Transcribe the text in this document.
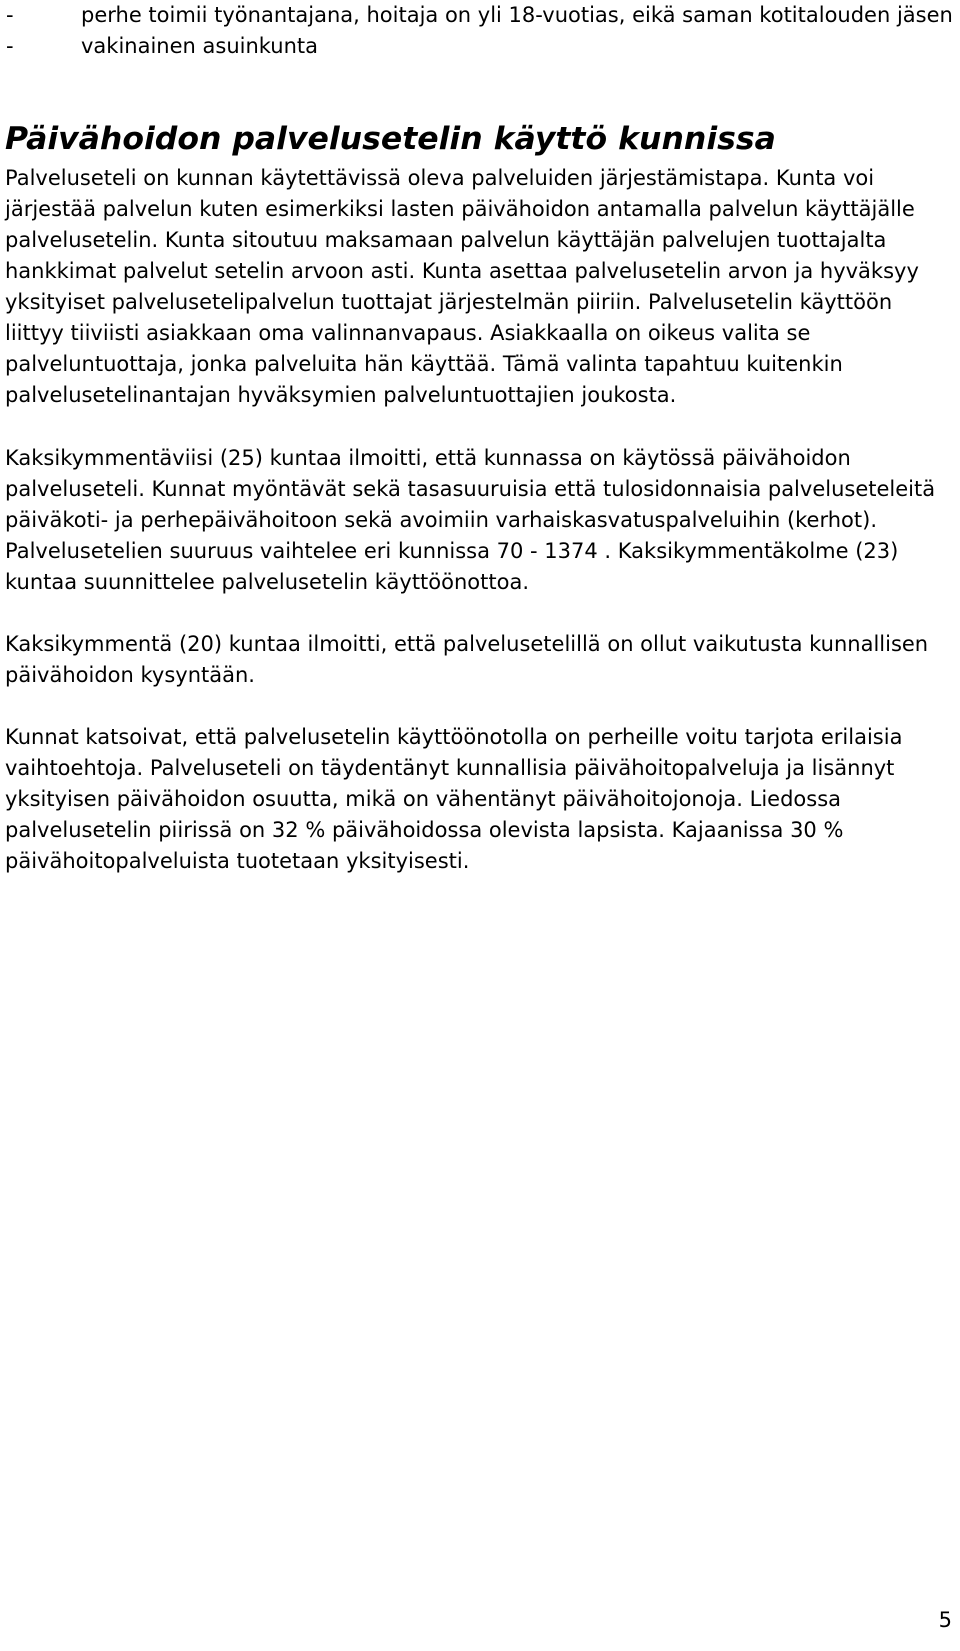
-	perhe toimii työnantajana, hoitaja on yli 18-vuotias, eikä saman kotitalouden jäsen
-	vakinainen asuinkunta
Päivähoidon palvelusetelin käyttö kunnissa

Palveluseteli on kunnan käytettävissä oleva palveluiden järjestämistapa. Kunta voi järjestää palvelun kuten esimerkiksi lasten päivähoidon antamalla palvelun käyttäjälle palvelusetelin. Kunta sitoutuu maksamaan palvelun käyttäjän palvelujen tuottajalta hankkimat palvelut setelin arvoon asti. Kunta asettaa palvelusetelin arvon ja hyväksyy yksityiset palvelusetelipalvelun tuottajat järjestelmän piiriin. Palvelusetelin käyttöön liittyy tiiviisti asiakkaan oma valinnanvapaus. Asiakkaalla on oikeus valita se palveluntuottaja, jonka palveluita hän käyttää. Tämä valinta tapahtuu kuitenkin palvelusetelinantajan hyväksymien palveluntuottajien joukosta.

Kaksikymmentäviisi (25) kuntaa ilmoitti, että kunnassa on käytössä päivähoidon palveluseteli. Kunnat myöntävät sekä tasasuuruisia että tulosidonnaisia palveluseteleitä päiväkoti- ja perhepäivähoitoon sekä avoimiin varhaiskasvatuspalveluihin (kerhot). Palvelusetelien suuruus vaihtelee eri kunnissa 70 - 1374 . Kaksikymmentäkolme (23) kuntaa suunnittelee palvelusetelin käyttöönottoa.

Kaksikymmentä (20) kuntaa ilmoitti, että palvelusetelillä on ollut vaikutusta kunnallisen päivähoidon kysyntään.

Kunnat katsoivat, että palvelusetelin käyttöönotolla on perheille voitu tarjota erilaisia vaihtoehtoja. Palveluseteli on täydentänyt kunnallisia päivähoitopalveluja ja lisännyt yksityisen päivähoidon osuutta, mikä on vähentänyt päivähoitojonoja. Liedossa palvelusetelin piirissä on 32 % päivähoidossa olevista lapsista. Kajaanissa 30 % päivähoitopalveluista tuotetaan yksityisesti.

5
